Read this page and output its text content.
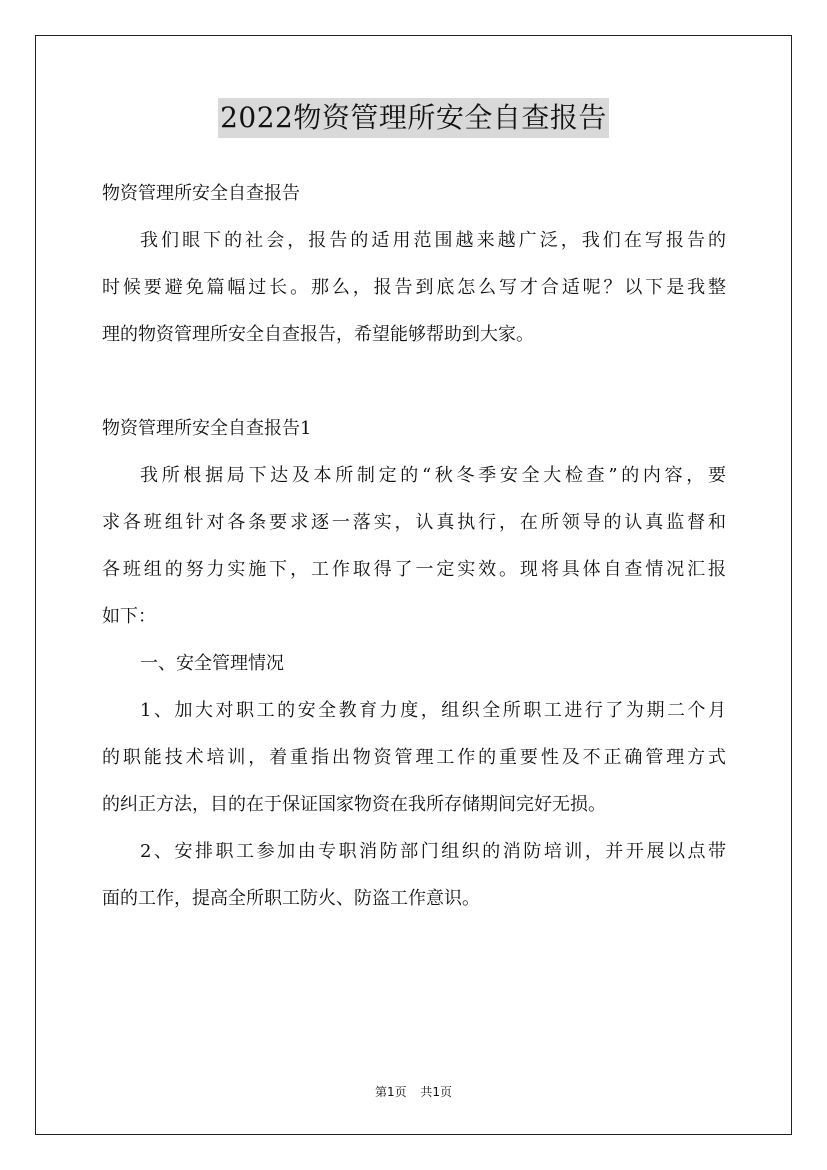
2022物资管理所安全自查报告
物资管理所安全自查报告
我们眼下的社会，报告的适用范围越来越广泛，我们在写报告的
时候要避免篇幅过长。那么，报告到底怎么写才合适呢？以下是我整
理的物资管理所安全自查报告，希望能够帮助到大家。
物资管理所安全自查报告1
我所根据局下达及本所制定的“秋冬季安全大检查”的内容，要
求各班组针对各条要求逐一落实，认真执行，在所领导的认真监督和
各班组的努力实施下，工作取得了一定实效。现将具体自查情况汇报
如下：
一、安全管理情况
1、加大对职工的安全教育力度，组织全所职工进行了为期二个月
的职能技术培训，着重指出物资管理工作的重要性及不正确管理方式
的纠正方法，目的在于保证国家物资在我所存储期间完好无损。
2、安排职工参加由专职消防部门组织的消防培训，并开展以点带
面的工作，提高全所职工防火、防盗工作意识。
第1页 共1页
